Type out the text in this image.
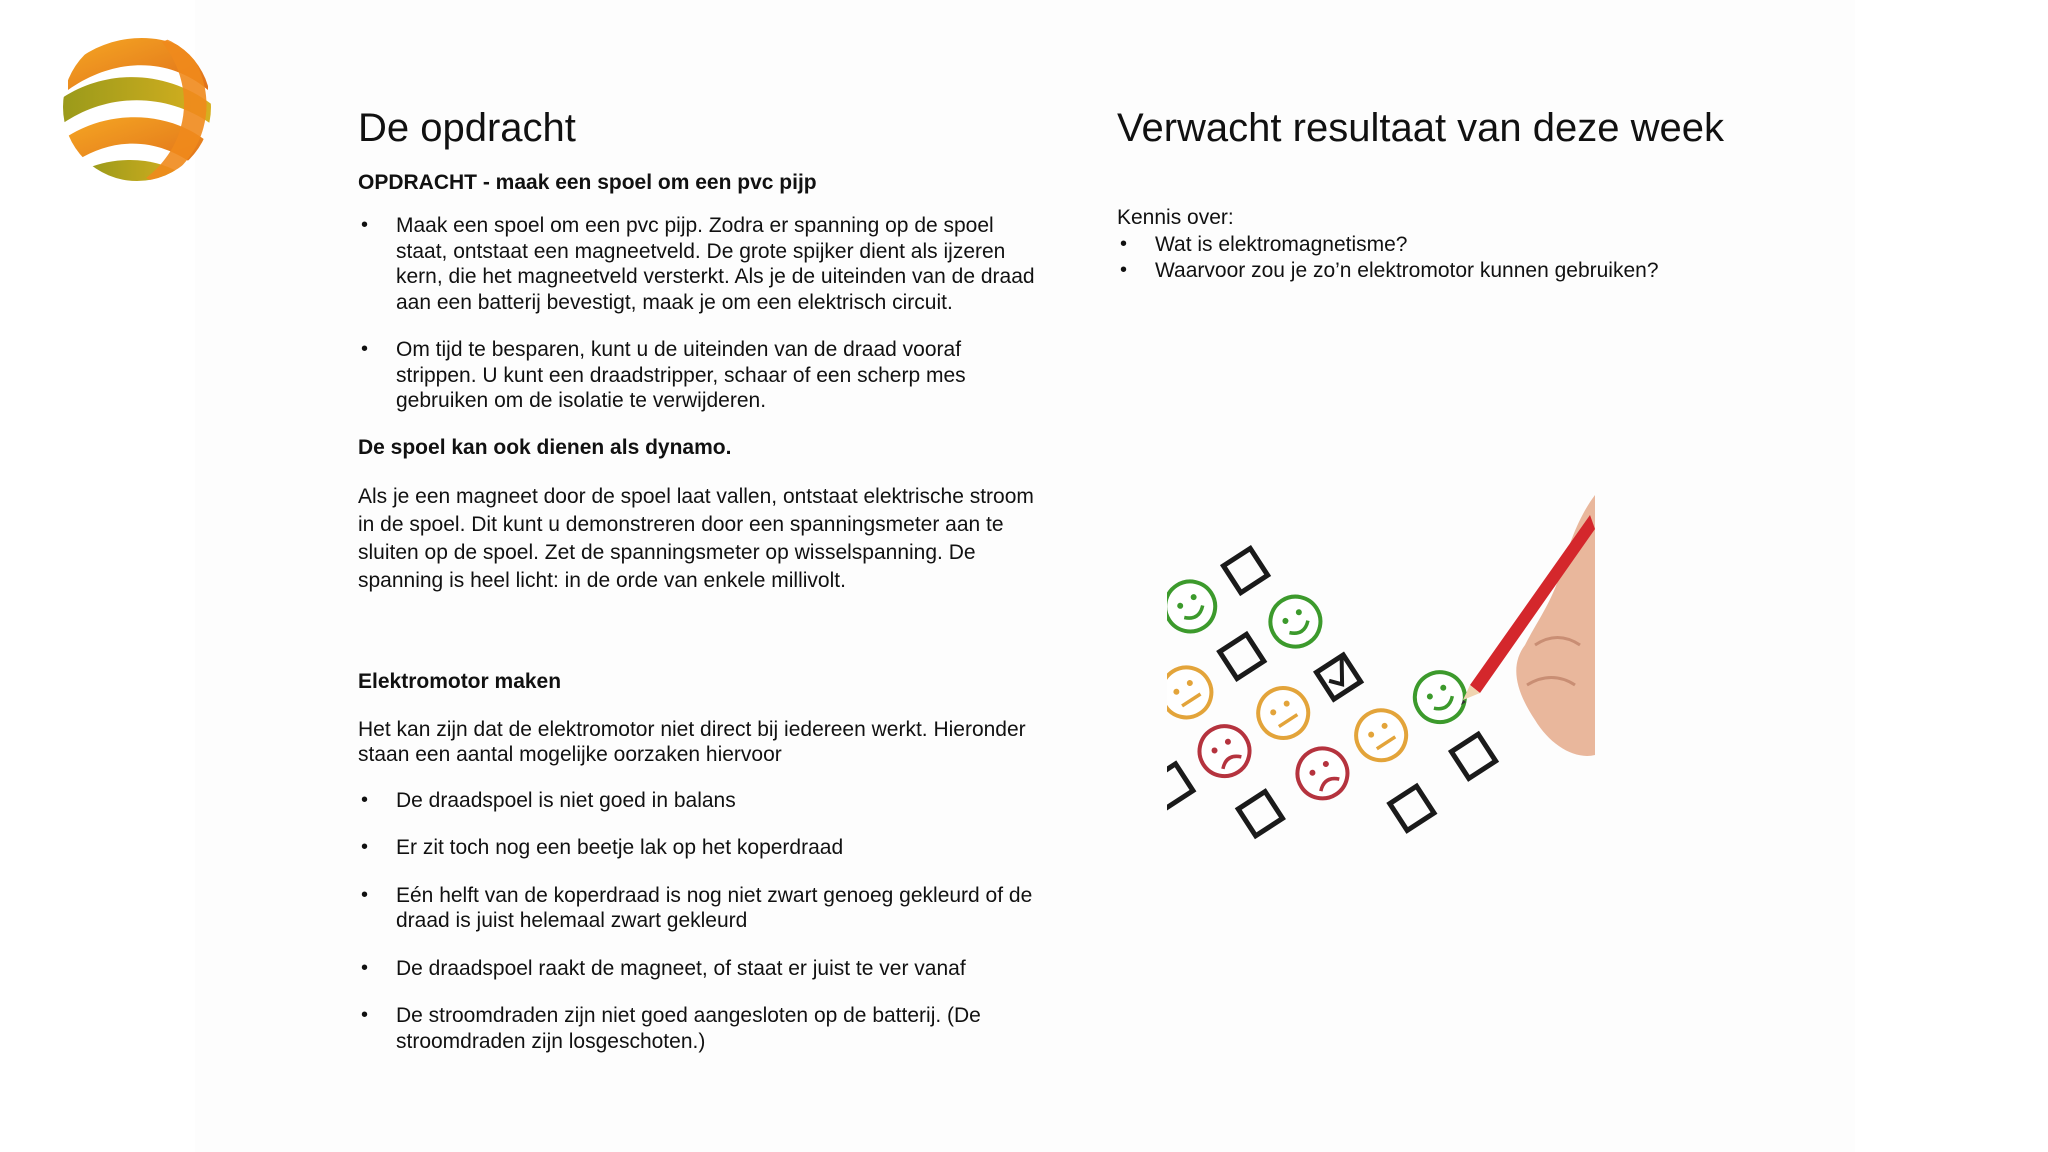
De opdracht

OPDRACHT - maak een spoel om een pvc pijp

• Maak een spoel om een pvc pijp. Zodra er spanning op de spoel staat, ontstaat een magneetveld. De grote spijker dient als ijzeren kern, die het magneetveld versterkt. Als je de uiteinden van de draad aan een batterij bevestigt, maak je om een elektrisch circuit.
• Om tijd te besparen, kunt u de uiteinden van de draad vooraf strippen. U kunt een draadstripper, schaar of een scherp mes gebruiken om de isolatie te verwijderen.

De spoel kan ook dienen als dynamo.

Als je een magneet door de spoel laat vallen, ontstaat elektrische stroom in de spoel. Dit kunt u demonstreren door een spanningsmeter aan te sluiten op de spoel. Zet de spanningsmeter op wisselspanning. De spanning is heel licht: in de orde van enkele millivolt.

Elektromotor maken

Het kan zijn dat de elektromotor niet direct bij iedereen werkt. Hieronder staan een aantal mogelijke oorzaken hiervoor

• De draadspoel is niet goed in balans
• Er zit toch nog een beetje lak op het koperdraad
• Eén helft van de koperdraad is nog niet zwart genoeg gekleurd of de draad is juist helemaal zwart gekleurd
• De draadspoel raakt de magneet, of staat er juist te ver vanaf
• De stroomdraden zijn niet goed aangesloten op de batterij. (De stroomdraden zijn losgeschoten.)
Verwacht resultaat van deze week

Kennis over:

• Wat is elektromagnetisme?
• Waarvoor zou je zo’n elektromotor kunnen gebruiken?
